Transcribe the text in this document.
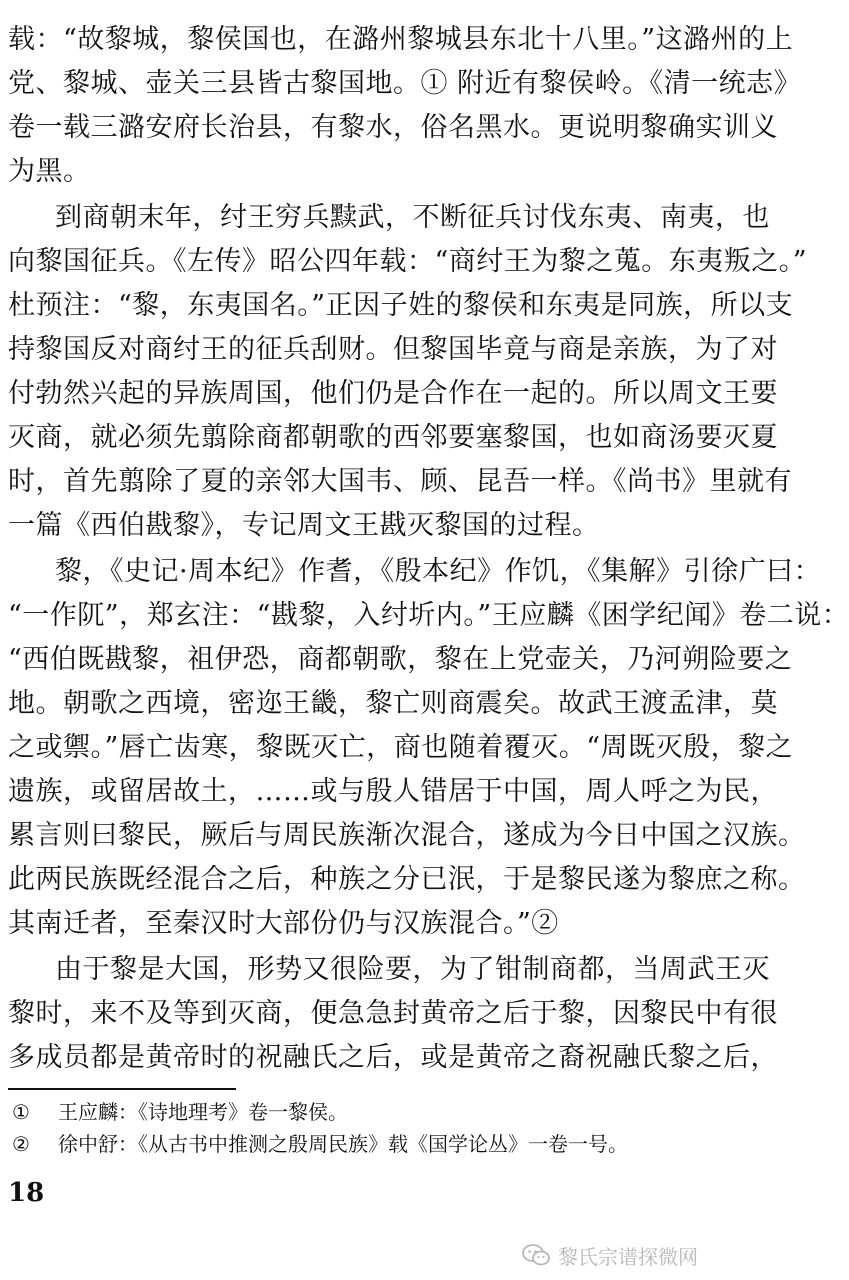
载：“故黎城，黎侯国也，在潞州黎城县东北十八里。”这潞州的上
党、黎城、壶关三县皆古黎国地。① 附近有黎侯岭。《清一统志》
卷一载三潞安府长治县，有黎水，俗名黑水。更说明黎确实训义
为黑。
到商朝末年，纣王穷兵黩武，不断征兵讨伐东夷、南夷，也
向黎国征兵。《左传》昭公四年载：“商纣王为黎之蒐。东夷叛之。”
杜预注：“黎，东夷国名。”正因子姓的黎侯和东夷是同族，所以支
持黎国反对商纣王的征兵刮财。但黎国毕竟与商是亲族，为了对
付勃然兴起的异族周国，他们仍是合作在一起的。所以周文王要
灭商，就必须先翦除商都朝歌的西邻要塞黎国，也如商汤要灭夏
时，首先翦除了夏的亲邻大国韦、顾、昆吾一样。《尚书》里就有
一篇《西伯戡黎》，专记周文王戡灭黎国的过程。
黎，《史记·周本纪》作耆，《殷本纪》作饥，《集解》引徐广曰：
“一作阢”，郑玄注：“戡黎，入纣圻内。”王应麟《困学纪闻》卷二说：
“西伯既戡黎，祖伊恐，商都朝歌，黎在上党壶关，乃河朔险要之
地。朝歌之西境，密迩王畿，黎亡则商震矣。故武王渡孟津，莫
之或禦。”唇亡齿寒，黎既灭亡，商也随着覆灭。“周既灭殷，黎之
遗族，或留居故土，……或与殷人错居于中国，周人呼之为民，
累言则曰黎民，厥后与周民族渐次混合，遂成为今日中国之汉族。
此两民族既经混合之后，种族之分已泯，于是黎民遂为黎庶之称。
其南迁者，至秦汉时大部份仍与汉族混合。”②
由于黎是大国，形势又很险要，为了钳制商都，当周武王灭
黎时，来不及等到灭商，便急急封黄帝之后于黎，因黎民中有很
多成员都是黄帝时的祝融氏之后，或是黄帝之裔祝融氏黎之后，
① 王应麟：《诗地理考》卷一黎侯。
② 徐中舒：《从古书中推测之殷周民族》载《国学论丛》一卷一号。
18
黎氏宗谱探微网
